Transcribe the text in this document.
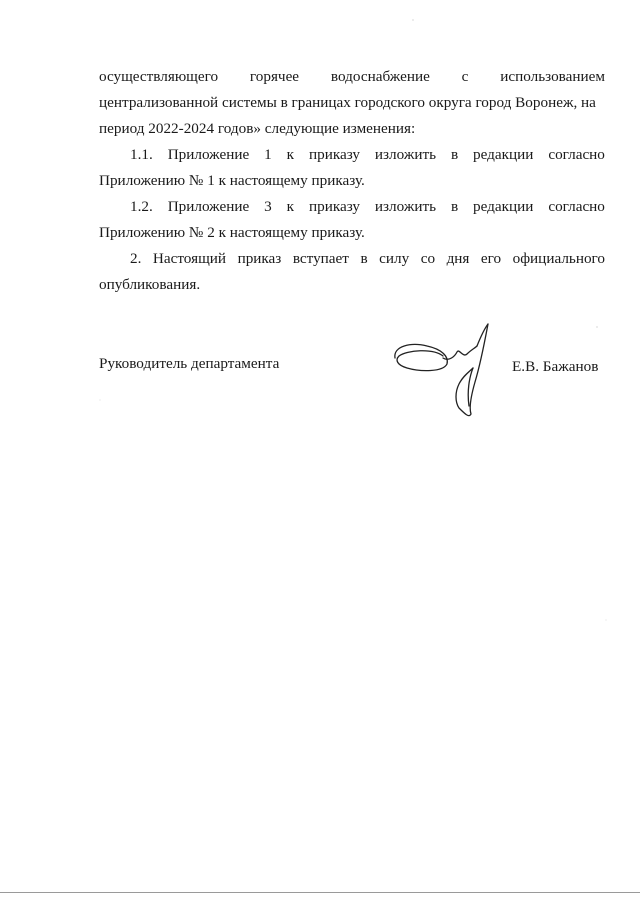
осуществляющего горячее водоснабжение с использованием
централизованной системы в границах городского округа город Воронеж, на
период 2022-2024 годов» следующие изменения:
1.1. Приложение 1 к приказу изложить в редакции согласно
Приложению № 1 к настоящему приказу.
1.2. Приложение 3 к приказу изложить в редакции согласно
Приложению № 2 к настоящему приказу.
2. Настоящий приказ вступает в силу со дня его официального
опубликования.
Руководитель департамента	Е.В. Бажанов
